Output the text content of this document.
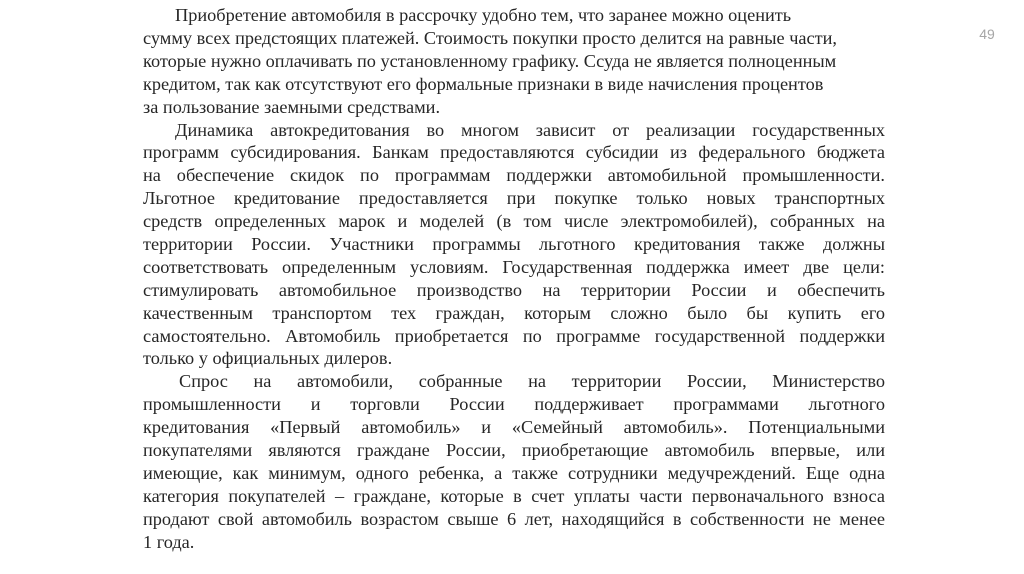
49
Приобретение автомобиля в рассрочку удобно тем, что заранее можно оценить
сумму всех предстоящих платежей. Стоимость покупки просто делится на равные части,
которые нужно оплачивать по установленному графику. Ссуда не является полноценным
кредитом, так как отсутствуют его формальные признаки в виде начисления процентов
за пользование заемными средствами.
Динамика автокредитования во многом зависит от реализации государственных
программ субсидирования. Банкам предоставляются субсидии из федерального бюджета
на обеспечение скидок по программам поддержки автомобильной промышленности.
Льготное кредитование предоставляется при покупке только новых транспортных
средств определенных марок и моделей (в том числе электромобилей), собранных на
территории России. Участники программы льготного кредитования также должны
соответствовать определенным условиям. Государственная поддержка имеет две цели:
стимулировать автомобильное производство на территории России и обеспечить
качественным транспортом тех граждан, которым сложно было бы купить его
самостоятельно. Автомобиль приобретается по программе государственной поддержки
только у официальных дилеров.
Спрос на автомобили, собранные на территории России, Министерство
промышленности и торговли России поддерживает программами льготного
кредитования «Первый автомобиль» и «Семейный автомобиль». Потенциальными
покупателями являются граждане России, приобретающие автомобиль впервые, или
имеющие, как минимум, одного ребенка, а также сотрудники медучреждений. Еще одна
категория покупателей – граждане, которые в счет уплаты части первоначального взноса
продают свой автомобиль возрастом свыше 6 лет, находящийся в собственности не менее
1 года.
